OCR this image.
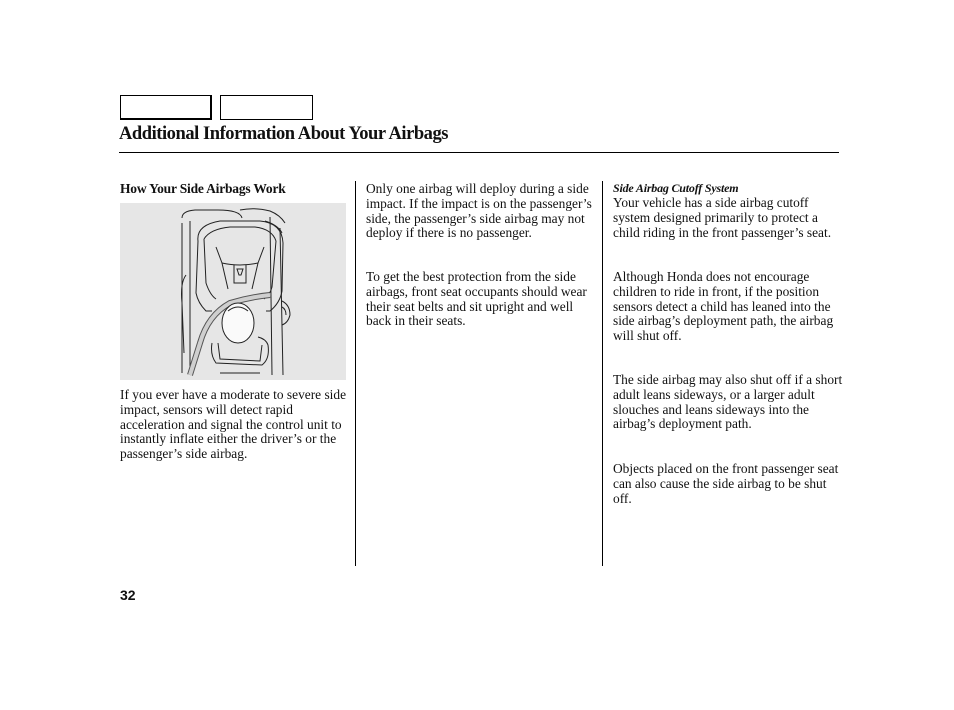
Additional Information About Your Airbags
How Your Side Airbags Work

If you ever have a moderate to severe side impact, sensors will detect rapid acceleration and signal the control unit to instantly inflate either the driver’s or the passenger’s side airbag.

Only one airbag will deploy during a side impact. If the impact is on the passenger’s side, the passenger’s side airbag may not deploy if there is no passenger.

To get the best protection from the side airbags, front seat occupants should wear their seat belts and sit upright and well back in their seats.

Side Airbag Cutoff System

Your vehicle has a side airbag cutoff system designed primarily to protect a child riding in the front passenger’s seat.

Although Honda does not encourage children to ride in front, if the position sensors detect a child has leaned into the side airbag’s deployment path, the airbag will shut off.

The side airbag may also shut off if a short adult leans sideways, or a larger adult slouches and leans sideways into the airbag’s deployment path.

Objects placed on the front passenger seat can also cause the side airbag to be shut off.

32
